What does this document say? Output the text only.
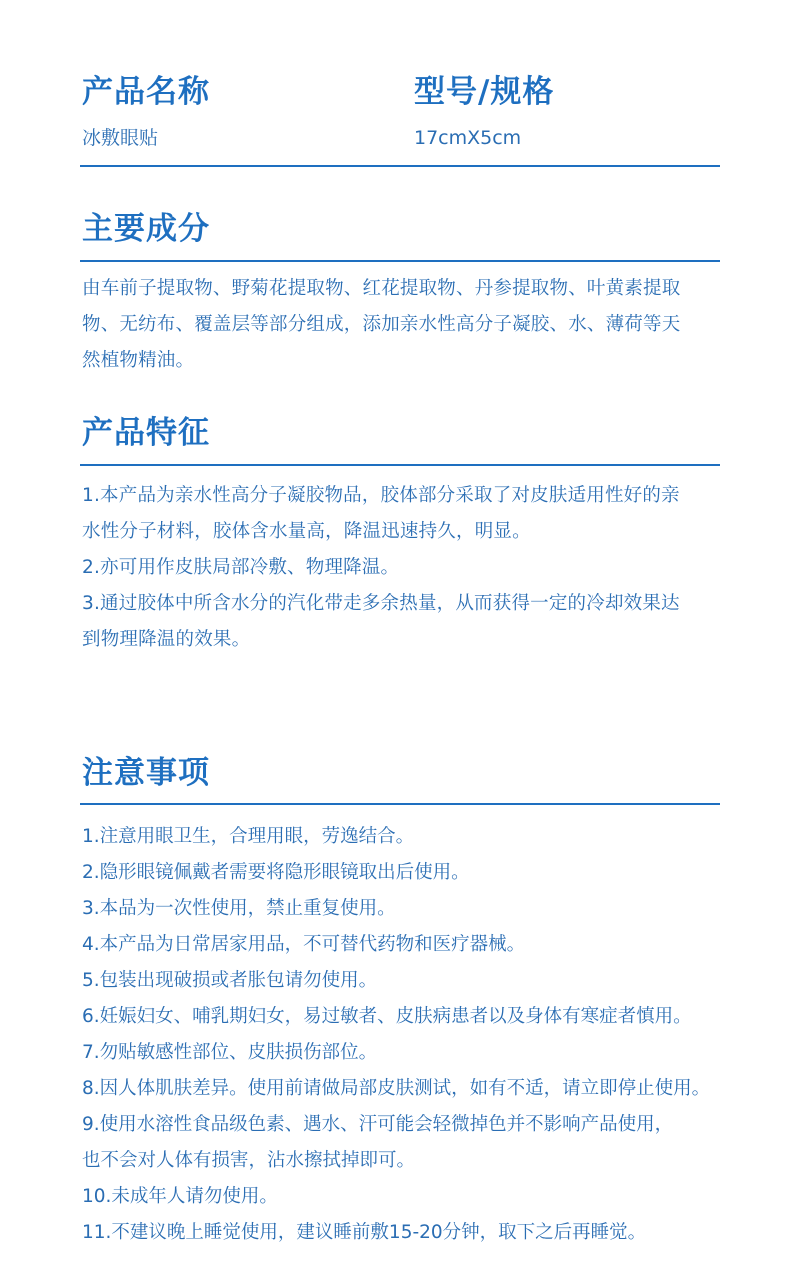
产品名称	型号/规格
冰敷眼贴	17cmX5cm
主要成分

由车前子提取物、野菊花提取物、红花提取物、丹参提取物、叶黄素提取

物、无纺布、覆盖层等部分组成，添加亲水性高分子凝胶、水、薄荷等天

然植物精油。

产品特征

1.本产品为亲水性高分子凝胶物品，胶体部分采取了对皮肤适用性好的亲

水性分子材料，胶体含水量高，降温迅速持久，明显。

2.亦可用作皮肤局部冷敷、物理降温。

3.通过胶体中所含水分的汽化带走多余热量，从而获得一定的冷却效果达

到物理降温的效果。

注意事项
1.注意用眼卫生，合理用眼，劳逸结合。
2.隐形眼镜佩戴者需要将隐形眼镜取出后使用。
3.本品为一次性使用，禁止重复使用。
4.本产品为日常居家用品，不可替代药物和医疗器械。
5.包装出现破损或者胀包请勿使用。
6.妊娠妇女、哺乳期妇女，易过敏者、皮肤病患者以及身体有寒症者慎用。
7.勿贴敏感性部位、皮肤损伤部位。
8.因人体肌肤差异。使用前请做局部皮肤测试，如有不适，请立即停止使用。
9.使用水溶性食品级色素、遇水、汗可能会轻微掉色并不影响产品使用，
也不会对人体有损害，沾水擦拭掉即可。
10.未成年人请勿使用。
11.不建议晚上睡觉使用，建议睡前敷15-20分钟，取下之后再睡觉。
